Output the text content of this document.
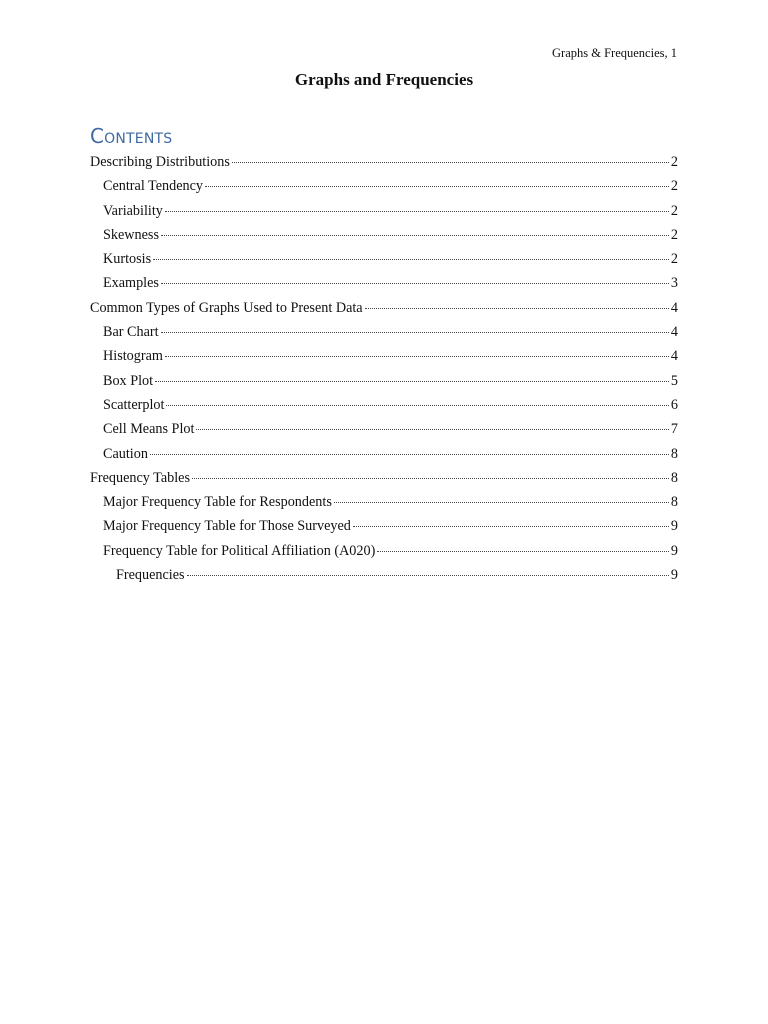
Graphs & Frequencies, 1
Graphs and Frequencies
Contents
Describing Distributions	2
Central Tendency	2
Variability	2
Skewness	2
Kurtosis	2
Examples	3
Common Types of Graphs Used to Present Data	4
Bar Chart	4
Histogram	4
Box Plot	5
Scatterplot	6
Cell Means Plot	7
Caution	8
Frequency Tables	8
Major Frequency Table for Respondents	8
Major Frequency Table for Those Surveyed	9
Frequency Table for Political Affiliation (A020)	9
Frequencies	9
